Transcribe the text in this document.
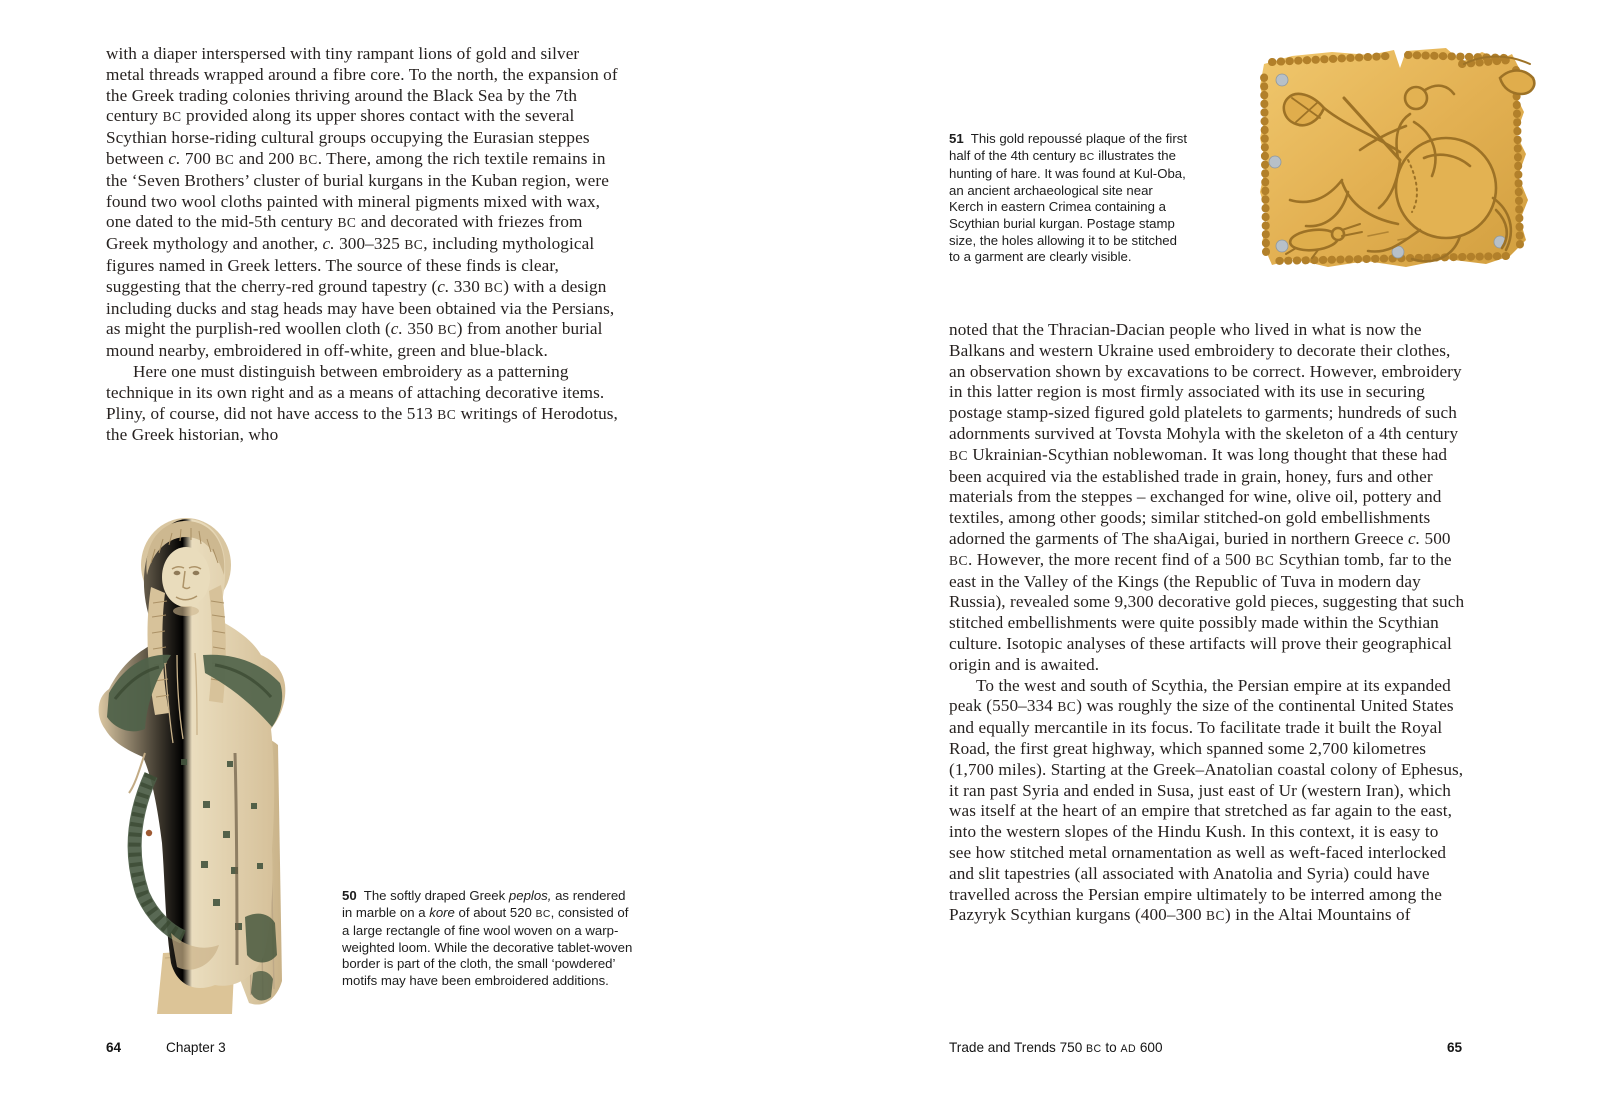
with a diaper interspersed with tiny rampant lions of gold and silver metal threads wrapped around a fibre core. To the north, the expansion of the Greek trading colonies thriving around the Black Sea by the 7th century BC provided along its upper shores contact with the several Scythian horse-riding cultural groups occupying the Eurasian steppes between c. 700 BC and 200 BC. There, among the rich textile remains in the ‘Seven Brothers’ cluster of burial kurgans in the Kuban region, were found two wool cloths painted with mineral pigments mixed with wax, one dated to the mid-5th century BC and decorated with friezes from Greek mythology and another, c. 300–325 BC, including mythological figures named in Greek letters. The source of these finds is clear, suggesting that the cherry-red ground tapestry (c. 330 BC) with a design including ducks and stag heads may have been obtained via the Persians, as might the purplish-red woollen cloth (c. 350 BC) from another burial mound nearby, embroidered in off-white, green and blue-black.

Here one must distinguish between embroidery as a patterning technique in its own right and as a means of attaching decorative items. Pliny, of course, did not have access to the 513 BC writings of Herodotus, the Greek historian, who

50  The softly draped Greek peplos, as rendered in marble on a kore of about 520 BC, consisted of a large rectangle of fine wool woven on a warp-weighted loom. While the decorative tablet-woven border is part of the cloth, the small ‘powdered’ motifs may have been embroidered additions.

64	Chapter 3

51  This gold repoussé plaque of the first half of the 4th century BC illustrates the hunting of hare. It was found at Kul-Oba, an ancient archaeological site near Kerch in eastern Crimea containing a Scythian burial kurgan. Postage stamp size, the holes allowing it to be stitched to a garment are clearly visible.

noted that the Thracian-Dacian people who lived in what is now the Balkans and western Ukraine used embroidery to decorate their clothes, an observation shown by excavations to be correct. However, embroidery in this latter region is most firmly associated with its use in securing postage stamp-sized figured gold platelets to garments; hundreds of such adornments survived at Tovsta Mohyla with the skeleton of a 4th century BC Ukrainian-Scythian noblewoman. It was long thought that these had been acquired via the established trade in grain, honey, furs and other materials from the steppes – exchanged for wine, olive oil, pottery and textiles, among other goods; similar stitched-on gold embellishments adorned the garments of The shaAigai, buried in northern Greece c. 500 BC. However, the more recent find of a 500 BC Scythian tomb, far to the east in the Valley of the Kings (the Republic of Tuva in modern day Russia), revealed some 9,300 decorative gold pieces, suggesting that such stitched embellishments were quite possibly made within the Scythian culture. Isotopic analyses of these artifacts will prove their geographical origin and is awaited.

To the west and south of Scythia, the Persian empire at its expanded peak (550–334 BC) was roughly the size of the continental United States and equally mercantile in its focus. To facilitate trade it built the Royal Road, the first great highway, which spanned some 2,700 kilometres (1,700 miles). Starting at the Greek–Anatolian coastal colony of Ephesus, it ran past Syria and ended in Susa, just east of Ur (western Iran), which was itself at the heart of an empire that stretched as far again to the east, into the western slopes of the Hindu Kush. In this context, it is easy to see how stitched metal ornamentation as well as weft-faced interlocked and slit tapestries (all associated with Anatolia and Syria) could have travelled across the Persian empire ultimately to be interred among the Pazyryk Scythian kurgans (400–300 BC) in the Altai Mountains of

Trade and Trends 750 BC to AD 600	65
